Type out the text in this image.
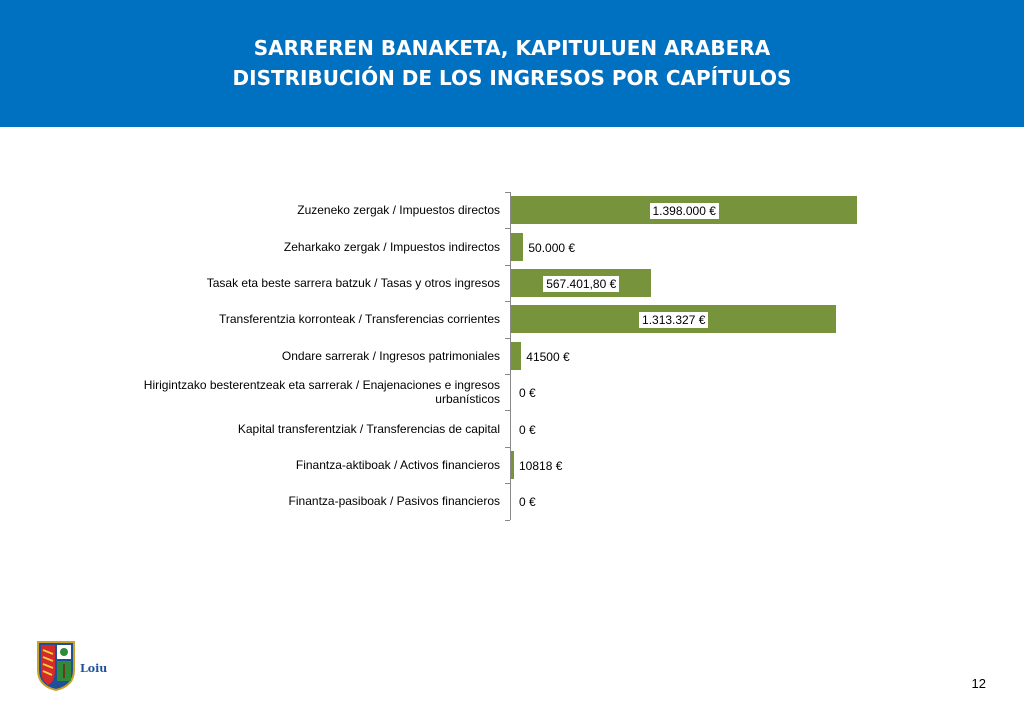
SARREREN BANAKETA, KAPITULUEN ARABERA
DISTRIBUCIÓN DE LOS INGRESOS POR CAPÍTULOS
Zuzeneko zergak / Impuestos directos	1.398.000 €
Zeharkako zergak / Impuestos indirectos 50.000 €
Tasak eta beste sarrera batzuk / Tasas y otros ingresos	567.401,80 €
Transferentzia korronteak / Transferencias corrientes	1.313.327 €
Ondare sarrerak / Ingresos patrimoniales 41500 €
Hirigintzako besterentzeak eta sarrerak / Enajenaciones e ingresos urbanísticos 0 €
Kapital transferentziak / Transferencias de capital 0 €
Finantza-aktiboak / Activos financieros 10818 €
Finantza-pasiboak / Pasivos financieros 0 €
Loiu
12
